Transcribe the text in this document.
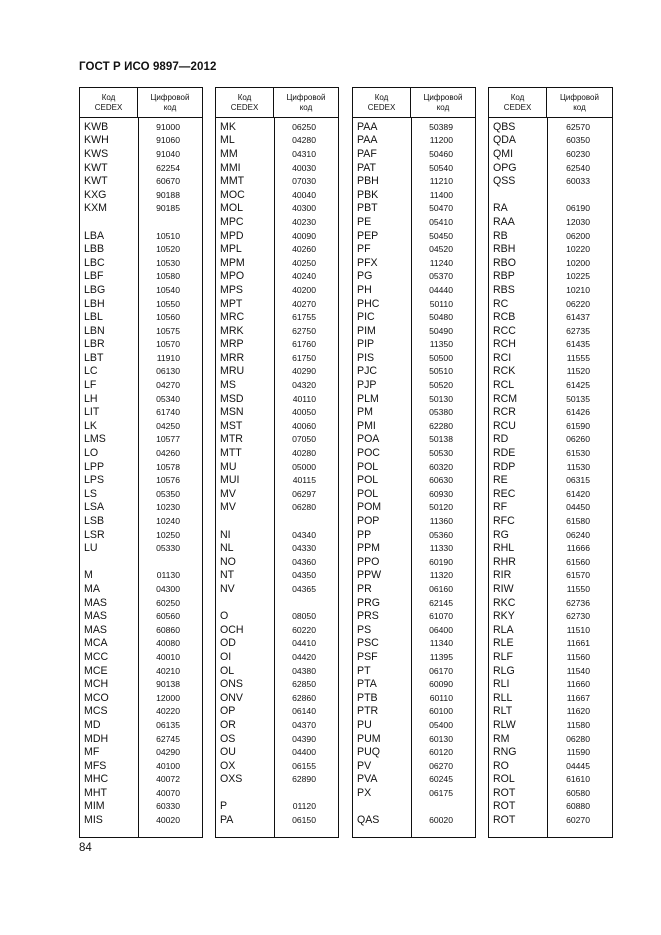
ГОСТ Р ИСО 9897—2012
Код
CEDEX
Цифровой
код
KWB	91000
KWH	91060
KWS	91040
KWT	62254
KWT	60670
KXG	90188
KXM	90185
LBA	10510
LBB	10520
LBC	10530
LBF	10580
LBG	10540
LBH	10550
LBL	10560
LBN	10575
LBR	10570
LBT	11910
LC	06130
LF	04270
LH	05340
LIT	61740
LK	04250
LMS	10577
LO	04260
LPP	10578
LPS	10576
LS	05350
LSA	10230
LSB	10240
LSR	10250
LU	05330
M	01130
MA	04300
MAS	60250
MAS	60560
MAS	60860
MCA	40080
MCC	40010
MCE	40210
MCH	90138
MCO	12000
MCS	40220
MD	06135
MDH	62745
MF	04290
MFS	40100
MHC	40072
MHT	40070
MIM	60330
MIS	40020
Код
CEDEX
Цифровой
код
MK	06250
ML	04280
MM	04310
MMI	40030
MMT	07030
MOC	40040
MOL	40300
MPC	40230
MPD	40090
MPL	40260
MPM	40250
MPO	40240
MPS	40200
MPT	40270
MRC	61755
MRK	62750
MRP	61760
MRR	61750
MRU	40290
MS	04320
MSD	40110
MSN	40050
MST	40060
MTR	07050
MTT	40280
MU	05000
MUI	40115
MV	06297
MV	06280
NI	04340
NL	04330
NO	04360
NT	04350
NV	04365
O	08050
OCH	60220
OD	04410
OI	04420
OL	04380
ONS	62850
ONV	62860
OP	06140
OR	04370
OS	04390
OU	04400
OX	06155
OXS	62890
P	01120
PA	06150
Код
CEDEX
Цифровой
код
PAA	50389
PAA	11200
PAF	50460
PAT	50540
PBH	11210
PBK	11400
PBT	50470
PE	05410
PEP	50450
PF	04520
PFX	11240
PG	05370
PH	04440
PHC	50110
PIC	50480
PIM	50490
PIP	11350
PIS	50500
PJC	50510
PJP	50520
PLM	50130
PM	05380
PMI	62280
POA	50138
POC	50530
POL	60320
POL	60630
POL	60930
POM	50120
POP	11360
PP	05360
PPM	11330
PPO	60190
PPW	11320
PR	06160
PRG	62145
PRS	61070
PS	06400
PSC	11340
PSF	11395
PT	06170
PTA	60090
PTB	60110
PTR	60100
PU	05400
PUM	60130
PUQ	60120
PV	06270
PVA	60245
PX	06175
QAS	60020
Код
CEDEX
Цифровой
код
QBS	62570
QDA	60350
QMI	60230
OPG	62540
QSS	60033
RA	06190
RAA	12030
RB	06200
RBH	10220
RBO	10200
RBP	10225
RBS	10210
RC	06220
RCB	61437
RCC	62735
RCH	61435
RCI	11555
RCK	11520
RCL	61425
RCM	50135
RCR	61426
RCU	61590
RD	06260
RDE	61530
RDP	11530
RE	06315
REC	61420
RF	04450
RFC	61580
RG	06240
RHL	11666
RHR	61560
RIR	61570
RIW	11550
RKC	62736
RKY	62730
RLA	11510
RLE	11661
RLF	11560
RLG	11540
RLI	11660
RLL	11667
RLT	11620
RLW	11580
RM	06280
RNG	11590
RO	04445
ROL	61610
ROT	60580
ROT	60880
ROT	60270
84
